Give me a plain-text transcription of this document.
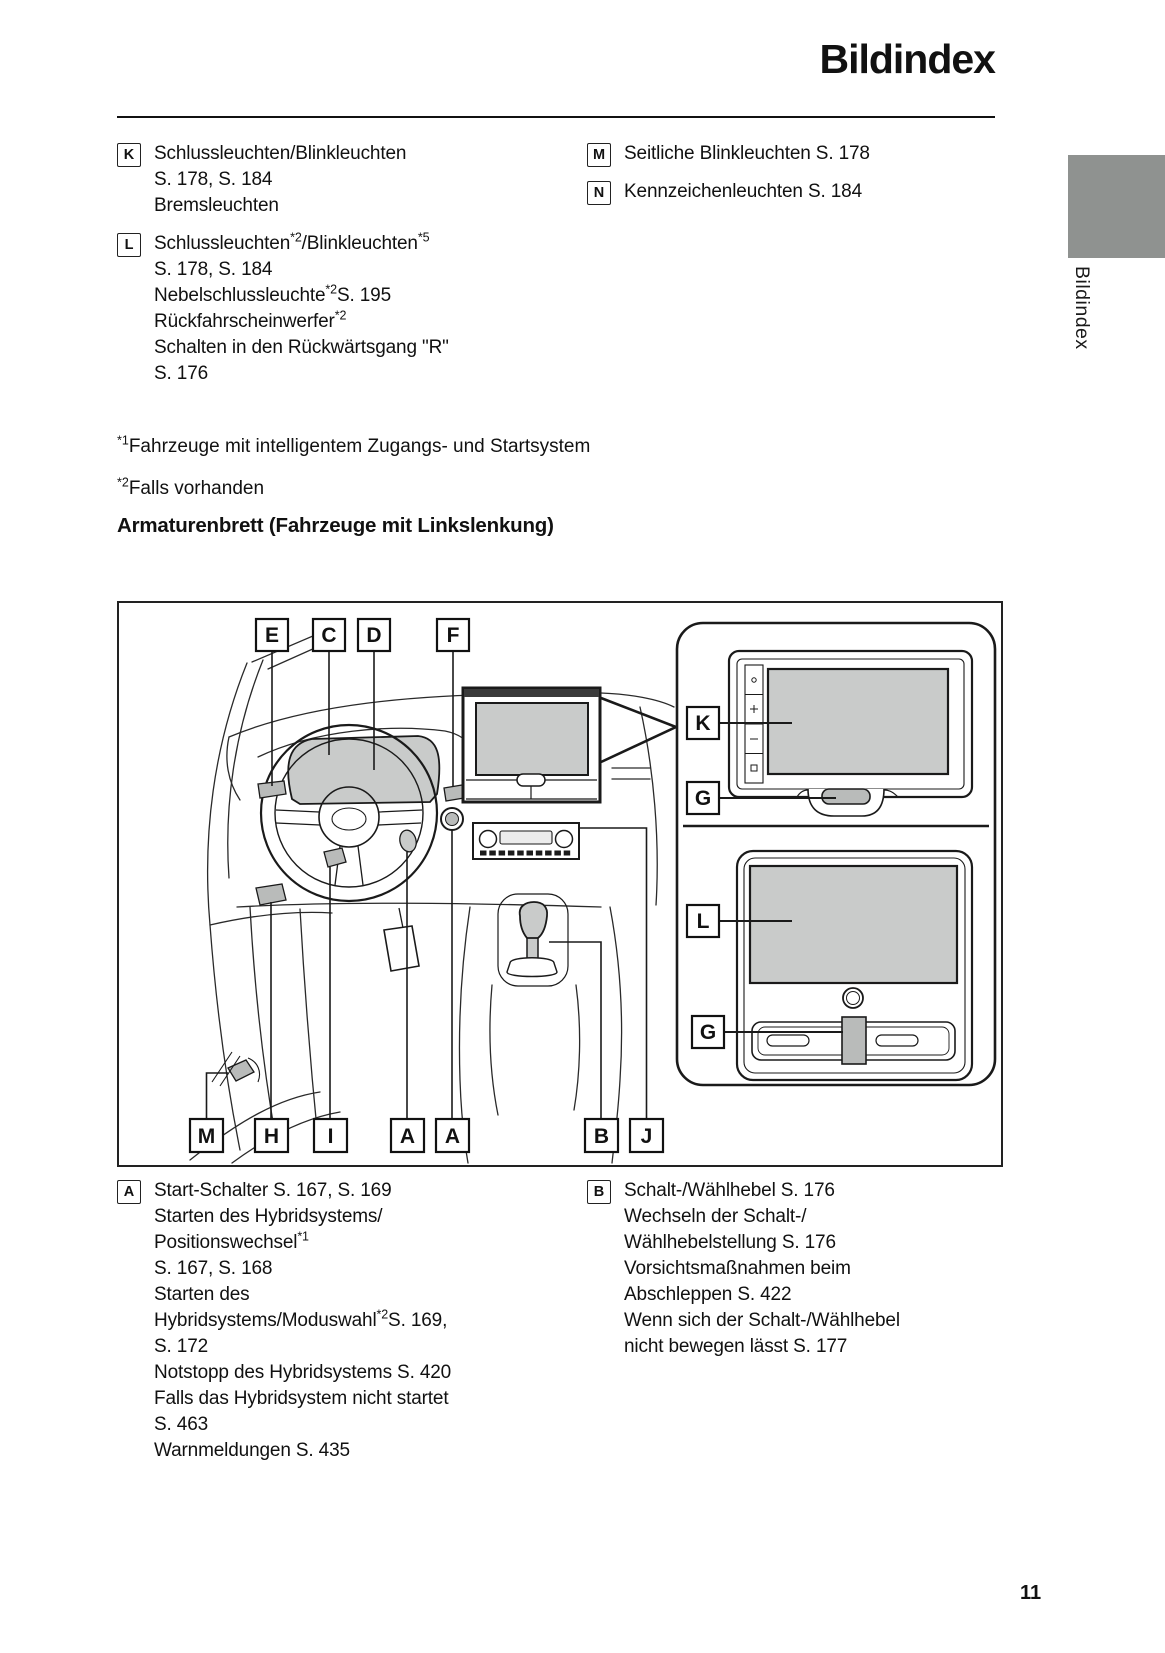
Bildindex
Bildindex
K	Schlussleuchten/Blinkleuchten
S. 178, S. 184
Bremsleuchten
L	Schlussleuchten$^{*2}$/Blinkleuchten$^{*5}$
S. 178, S. 184
Nebelschlussleuchte$^{*2}$S. 195
Rückfahrscheinwerfer$^{*2}$
Schalten in den Rückwärtsgang "R"
S. 176
M Seitliche Blinkleuchten S. 178
N	Kennzeichenleuchten S. 184
$^{*1}$Fahrzeuge mit intelligentem Zugangs- und Startsystem
$^{*2}$Falls vorhanden
Armaturenbrett (Fahrzeuge mit Linkslenkung)
E C D	F
M H I	A A	B J
K
G
L
G
A	Start-Schalter S. 167, S. 169
Starten des Hybridsystems/
Positionswechsel$^{*1}$
S. 167, S. 168
Starten des
Hybridsystems/Moduswahl$^{*2}$S. 169,
S. 172
Notstopp des Hybridsystems S. 420
Falls das Hybridsystem nicht startet
S. 463
Warnmeldungen S. 435
B	Schalt-/Wählhebel S. 176
Wechseln der Schalt-/
Wählhebelstellung S. 176
Vorsichtsmaßnahmen beim
Abschleppen S. 422
Wenn sich der Schalt-/Wählhebel
nicht bewegen lässt S. 177
11
